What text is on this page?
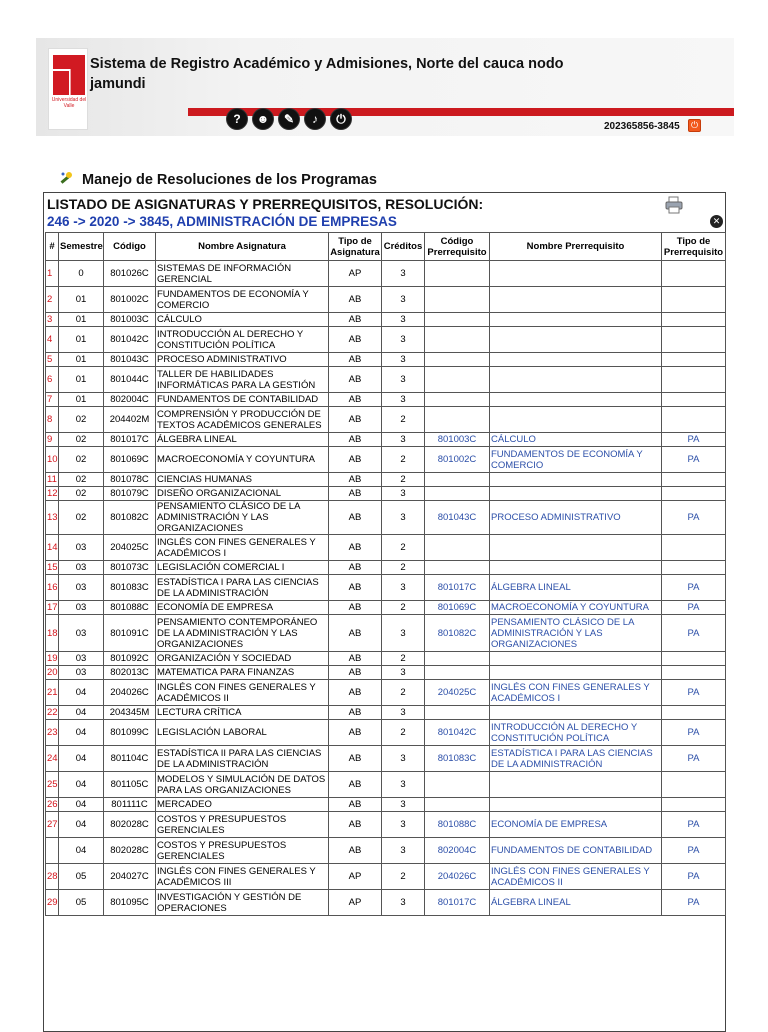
Universidad del Valle
Sistema de Registro Académico y Admisiones, Norte del cauca nodo jamundi
?	☻	✎	♪	⏻
202365856-3845	⏻
Manejo de Resoluciones de los Programas
LISTADO DE ASIGNATURAS Y PRERREQUISITOS, RESOLUCIÓN:
246 -> 2020 -> 3845, ADMINISTRACIÓN DE EMPRESAS	✕
#	Semestre	Código	Nombre Asignatura	Tipo de Asignatura	Créditos	Código Prerrequisito	Nombre Prerrequisito	Tipo de Prerrequisito
1	0	801026C	SISTEMAS DE INFORMACIÓN GERENCIAL	AP	3			
2	01	801002C	FUNDAMENTOS DE ECONOMÍA Y COMERCIO	AB	3			
3	01	801003C	CÁLCULO	AB	3			
4	01	801042C	INTRODUCCIÓN AL DERECHO Y CONSTITUCIÓN POLÍTICA	AB	3			
5	01	801043C	PROCESO ADMINISTRATIVO	AB	3			
6	01	801044C	TALLER DE HABILIDADES INFORMÁTICAS PARA LA GESTIÓN	AB	3			
7	01	802004C	FUNDAMENTOS DE CONTABILIDAD	AB	3			
8	02	204402M	COMPRENSIÓN Y PRODUCCIÓN DE TEXTOS ACADÉMICOS GENERALES	AB	2			
9	02	801017C	ÁLGEBRA LINEAL	AB	3	801003C	CÁLCULO	PA
10	02	801069C	MACROECONOMÍA Y COYUNTURA	AB	2	801002C	FUNDAMENTOS DE ECONOMÍA Y COMERCIO	PA
11	02	801078C	CIENCIAS HUMANAS	AB	2			
12	02	801079C	DISEÑO ORGANIZACIONAL	AB	3			
13	02	801082C	PENSAMIENTO CLÁSICO DE LA ADMINISTRACIÓN Y LAS ORGANIZACIONES	AB	3	801043C	PROCESO ADMINISTRATIVO	PA
14	03	204025C	INGLÉS CON FINES GENERALES Y ACADÉMICOS I	AB	2			
15	03	801073C	LEGISLACIÓN COMERCIAL I	AB	2			
16	03	801083C	ESTADÍSTICA I PARA LAS CIENCIAS DE LA ADMINISTRACIÓN	AB	3	801017C	ÁLGEBRA LINEAL	PA
17	03	801088C	ECONOMÍA DE EMPRESA	AB	2	801069C	MACROECONOMÍA Y COYUNTURA	PA
18	03	801091C	PENSAMIENTO CONTEMPORÁNEO DE LA ADMINISTRACIÓN Y LAS ORGANIZACIONES	AB	3	801082C	PENSAMIENTO CLÁSICO DE LA ADMINISTRACIÓN Y LAS ORGANIZACIONES	PA
19	03	801092C	ORGANIZACIÓN Y SOCIEDAD	AB	2			
20	03	802013C	MATEMATICA PARA FINANZAS	AB	3			
21	04	204026C	INGLÉS CON FINES GENERALES Y ACADÉMICOS II	AB	2	204025C	INGLÉS CON FINES GENERALES Y ACADÉMICOS I	PA
22	04	204345M	LECTURA CRÍTICA	AB	3			
23	04	801099C	LEGISLACIÓN LABORAL	AB	2	801042C	INTRODUCCIÓN AL DERECHO Y CONSTITUCIÓN POLÍTICA	PA
24	04	801104C	ESTADÍSTICA II PARA LAS CIENCIAS DE LA ADMINISTRACIÓN	AB	3	801083C	ESTADÍSTICA I PARA LAS CIENCIAS DE LA ADMINISTRACIÓN	PA
25	04	801105C	MODELOS Y SIMULACIÓN DE DATOS PARA LAS ORGANIZACIONES	AB	3			
26	04	801111C	MERCADEO	AB	3			
27	04	802028C	COSTOS Y PRESUPUESTOS GERENCIALES	AB	3	801088C	ECONOMÍA DE EMPRESA	PA
	04	802028C	COSTOS Y PRESUPUESTOS GERENCIALES	AB	3	802004C	FUNDAMENTOS DE CONTABILIDAD	PA
28	05	204027C	INGLÉS CON FINES GENERALES Y ACADÉMICOS III	AP	2	204026C	INGLÉS CON FINES GENERALES Y ACADÉMICOS II	PA
29	05	801095C	INVESTIGACIÓN Y GESTIÓN DE OPERACIONES	AP	3	801017C	ÁLGEBRA LINEAL	PA
